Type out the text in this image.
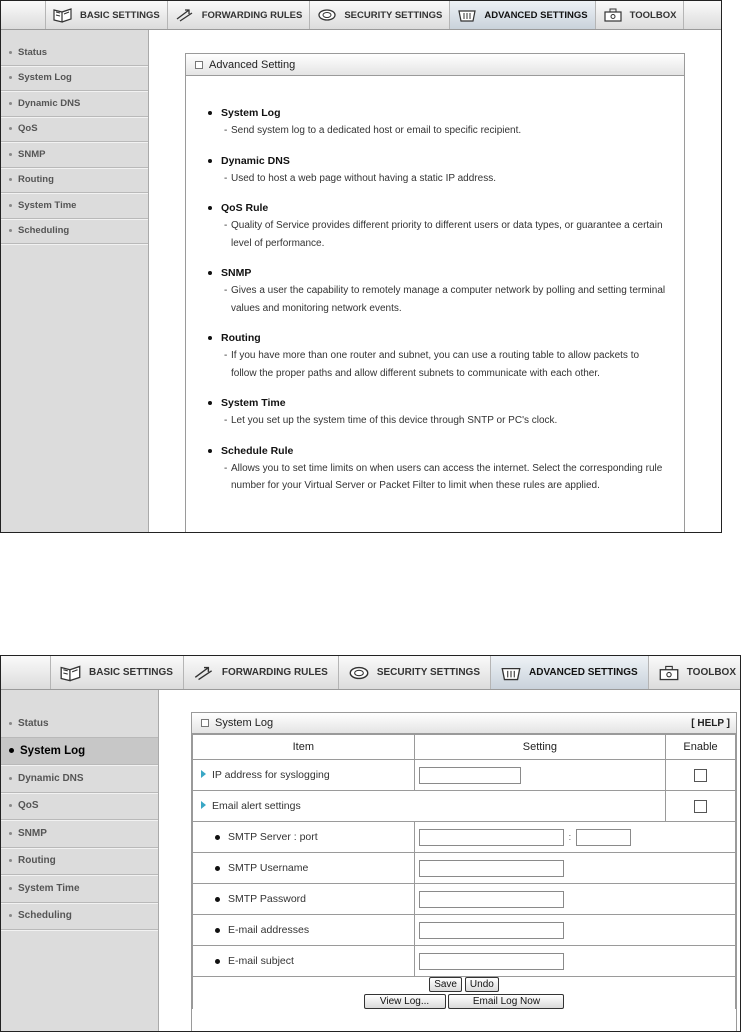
BASIC SETTINGS	FORWARDING RULES	SECURITY SETTINGS	ADVANCED SETTINGS	TOOLBOX
Status
System Log
Dynamic DNS
QoS
SNMP
Routing
System Time
Scheduling
Advanced Setting
System Log
- Send system log to a dedicated host or email to specific recipient.
Dynamic DNS
- Used to host a web page without having a static IP address.
QoS Rule
- Quality of Service provides different priority to different users or data types, or guarantee a certain level of performance.
SNMP
- Gives a user the capability to remotely manage a computer network by polling and setting terminal values and monitoring network events.
Routing
- If you have more than one router and subnet, you can use a routing table to allow packets to follow the proper paths and allow different subnets to communicate with each other.
System Time
- Let you set up the system time of this device through SNTP or PC's clock.
Schedule Rule
- Allows you to set time limits on when users can access the internet. Select the corresponding rule number for your Virtual Server or Packet Filter to limit when these rules are applied.
BASIC SETTINGS	FORWARDING RULES	SECURITY SETTINGS	ADVANCED SETTINGS	TOOLBOX
Status
System Log
Dynamic DNS
QoS
SNMP
Routing
System Time
Scheduling
System Log	[ HELP ]
Item	Setting	Enable
IP address for syslogging		

Email alert settings		

SMTP Server : port	:	
SMTP Username		
SMTP Password		
E-mail addresses		
E-mail subject		

Save Undo
View Log... Email Log Now		
